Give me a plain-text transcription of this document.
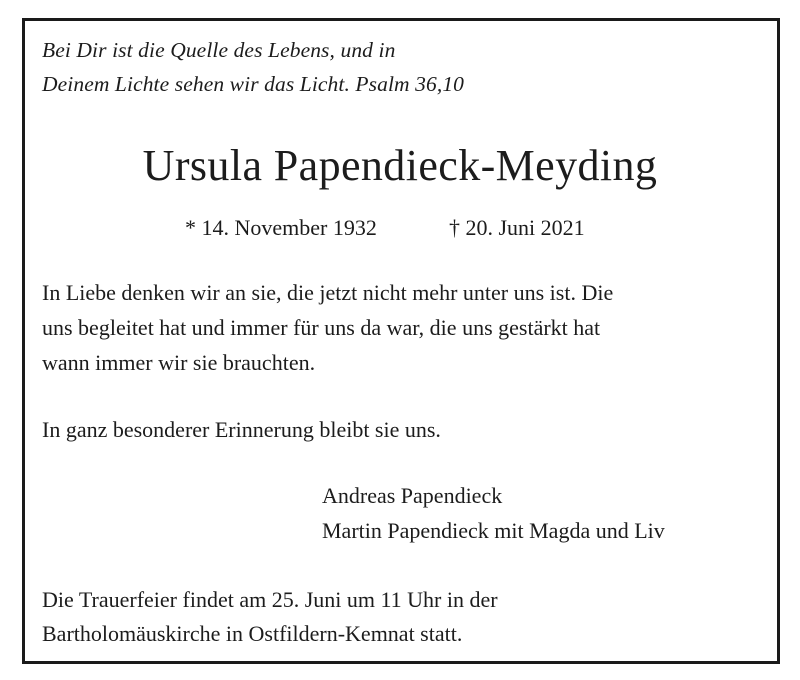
Bei Dir ist die Quelle des Lebens, und in
Deinem Lichte sehen wir das Licht. Psalm 36,10
Ursula Papendieck-Meyding
* 14. November 1932	† 20. Juni 2021
In Liebe denken wir an sie, die jetzt nicht mehr unter uns ist. Die
uns begleitet hat und immer für uns da war, die uns gestärkt hat
wann immer wir sie brauchten.
In ganz besonderer Erinnerung bleibt sie uns.
Andreas Papendieck
Martin Papendieck mit Magda und Liv
Die Trauerfeier findet am 25. Juni um 11 Uhr in der
Bartholomäuskirche in Ostfildern-Kemnat statt.
